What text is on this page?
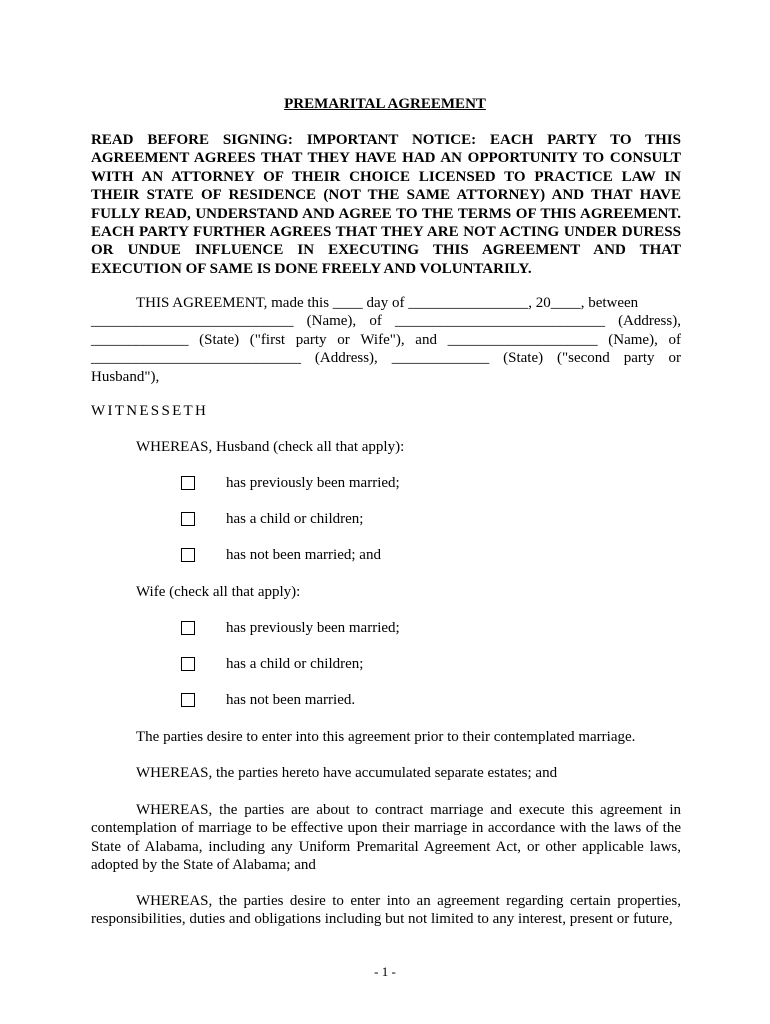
PREMARITAL AGREEMENT
READ BEFORE SIGNING: IMPORTANT NOTICE: EACH PARTY TO THIS AGREEMENT AGREES THAT THEY HAVE HAD AN OPPORTUNITY TO CONSULT WITH AN ATTORNEY OF THEIR CHOICE LICENSED TO PRACTICE LAW IN THEIR STATE OF RESIDENCE (NOT THE SAME ATTORNEY) AND THAT HAVE FULLY READ, UNDERSTAND AND AGREE TO THE TERMS OF THIS AGREEMENT. EACH PARTY FURTHER AGREES THAT THEY ARE NOT ACTING UNDER DURESS OR UNDUE INFLUENCE IN EXECUTING THIS AGREEMENT AND THAT EXECUTION OF SAME IS DONE FREELY AND VOLUNTARILY.
THIS AGREEMENT, made this ____ day of ________________, 20____, between
___________________________ (Name), of ____________________________ (Address),
_____________ (State) ("first party or Wife"), and ____________________ (Name), of
____________________________ (Address), _____________ (State) ("second party or
Husband"),
WITNESSETH
WHEREAS, Husband (check all that apply):
has previously been married;
has a child or children;
has not been married; and
Wife (check all that apply):
has previously been married;
has a child or children;
has not been married.
The parties desire to enter into this agreement prior to their contemplated marriage.
WHEREAS, the parties hereto have accumulated separate estates; and
WHEREAS, the parties are about to contract marriage and execute this agreement in contemplation of marriage to be effective upon their marriage in accordance with the laws of the State of Alabama, including any Uniform Premarital Agreement Act, or other applicable laws, adopted by the State of Alabama; and
WHEREAS, the parties desire to enter into an agreement regarding certain properties, responsibilities, duties and obligations including but not limited to any interest, present or future,
- 1 -
